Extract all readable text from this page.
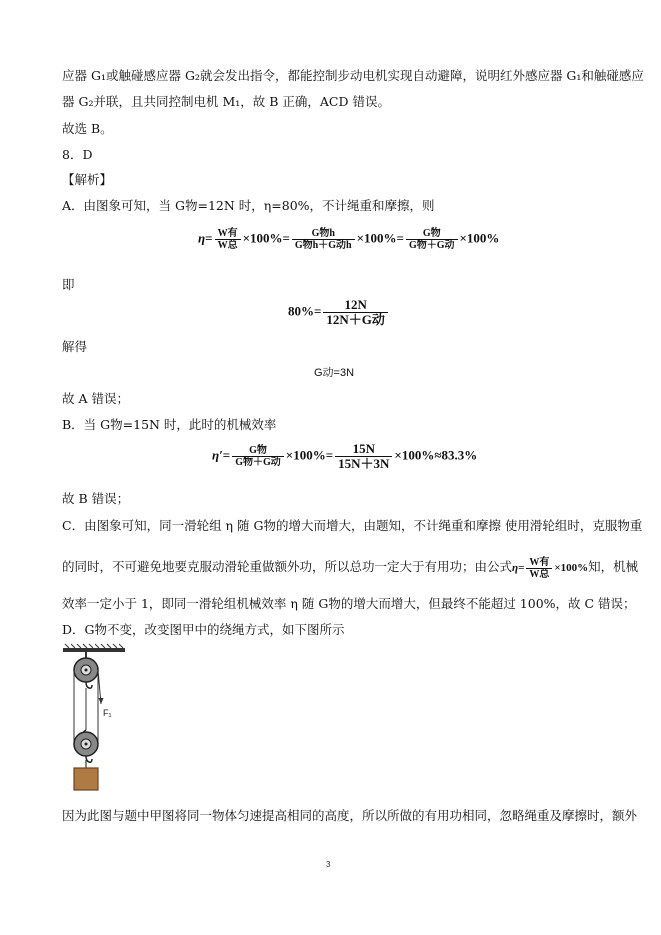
应器 G₁或触碰感应器 G₂就会发出指令，都能控制步动电机实现自动避障，说明红外感应器 G₁和触碰感应
器 G₂并联，且共同控制电机 M₁，故 B 正确，ACD 错误。
故选 B。
8．D
【解析】
A．由图象可知，当 G物=12N 时，η=80%，不计绳重和摩擦，则
$\eta= \frac{\text{W有}}{\text{W总}} \times 100\%= \frac{\text{G物h}}{\text{G物h＋G动h}} \times 100\%= \frac{\text{G物}}{\text{G物＋G动}} \times 100\%$
即
$80\%= \frac{12N}{\text{12N＋G动}}$
解得
G动=3N
故 A 错误；
B．当 G物=15N 时，此时的机械效率
$\eta'= \frac{\text{G物}}{\text{G物＋G动}} \times 100\%= \frac{15N}{15N+3N} \times 100\%\approx 83.3\%$
故 B 错误；
C．由图象可知，同一滑轮组 η 随 G物的增大而增大，由题知，不计绳重和摩擦 使用滑轮组时，克服物重
的同时，不可避免地要克服动滑轮重做额外功，所以总功一定大于有用功；由公式$\eta= \frac{\text{W有}}{\text{W总}} \times 100\%$知，机械
效率一定小于 1，即同一滑轮组机械效率 η 随 G物的增大而增大，但最终不能超过 100%，故 C 错误；
D．G物不变，改变图甲中的绕绳方式，如下图所示
F₁
因为此图与题中甲图将同一物体匀速提高相同的高度，所以所做的有用功相同，忽略绳重及摩擦时，额外
3
